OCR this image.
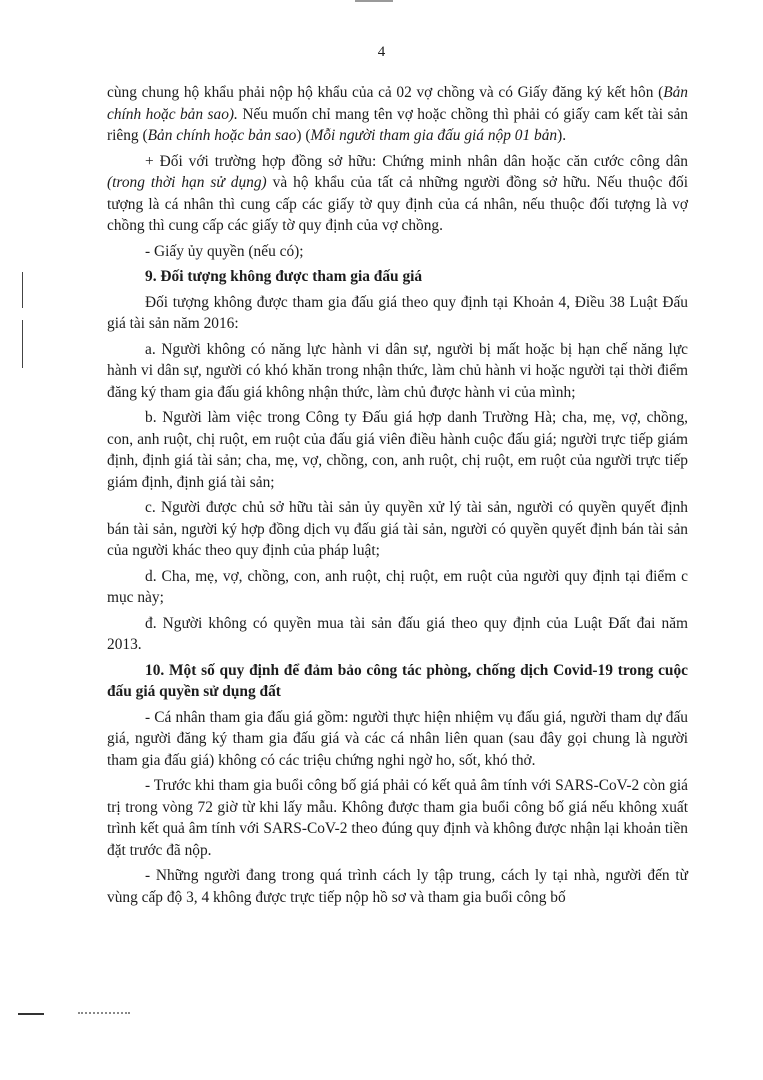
4

cùng chung hộ khẩu phải nộp hộ khẩu của cả 02 vợ chồng và có Giấy đăng ký kết hôn (Bản chính hoặc bản sao). Nếu muốn chỉ mang tên vợ hoặc chồng thì phải có giấy cam kết tài sản riêng (Bản chính hoặc bản sao) (Mỗi người tham gia đấu giá nộp 01 bản).

+ Đối với trường hợp đồng sở hữu: Chứng minh nhân dân hoặc căn cước công dân (trong thời hạn sử dụng) và hộ khẩu của tất cả những người đồng sở hữu. Nếu thuộc đối tượng là cá nhân thì cung cấp các giấy tờ quy định của cá nhân, nếu thuộc đối tượng là vợ chồng thì cung cấp các giấy tờ quy định của vợ chồng.

- Giấy ủy quyền (nếu có);

9. Đối tượng không được tham gia đấu giá

Đối tượng không được tham gia đấu giá theo quy định tại Khoản 4, Điều 38 Luật Đấu giá tài sản năm 2016:

a. Người không có năng lực hành vi dân sự, người bị mất hoặc bị hạn chế năng lực hành vi dân sự, người có khó khăn trong nhận thức, làm chủ hành vi hoặc người tại thời điểm đăng ký tham gia đấu giá không nhận thức, làm chủ được hành vi của mình;

b. Người làm việc trong Công ty Đấu giá hợp danh Trường Hà; cha, mẹ, vợ, chồng, con, anh ruột, chị ruột, em ruột của đấu giá viên điều hành cuộc đấu giá; người trực tiếp giám định, định giá tài sản; cha, mẹ, vợ, chồng, con, anh ruột, chị ruột, em ruột của người trực tiếp giám định, định giá tài sản;

c. Người được chủ sở hữu tài sản ủy quyền xử lý tài sản, người có quyền quyết định bán tài sản, người ký hợp đồng dịch vụ đấu giá tài sản, người có quyền quyết định bán tài sản của người khác theo quy định của pháp luật;

d. Cha, mẹ, vợ, chồng, con, anh ruột, chị ruột, em ruột của người quy định tại điểm c mục này;

đ. Người không có quyền mua tài sản đấu giá theo quy định của Luật Đất đai năm 2013.

10. Một số quy định để đảm bảo công tác phòng, chống dịch Covid-19 trong cuộc đấu giá quyền sử dụng đất

- Cá nhân tham gia đấu giá gồm: người thực hiện nhiệm vụ đấu giá, người tham dự đấu giá, người đăng ký tham gia đấu giá và các cá nhân liên quan (sau đây gọi chung là người tham gia đấu giá) không có các triệu chứng nghi ngờ ho, sốt, khó thở.

- Trước khi tham gia buổi công bố giá phải có kết quả âm tính với SARS-CoV-2 còn giá trị trong vòng 72 giờ từ khi lấy mẫu. Không được tham gia buổi công bố giá nếu không xuất trình kết quả âm tính với SARS-CoV-2 theo đúng quy định và không được nhận lại khoản tiền đặt trước đã nộp.

- Những người đang trong quá trình cách ly tập trung, cách ly tại nhà, người đến từ vùng cấp độ 3, 4 không được trực tiếp nộp hồ sơ và tham gia buổi công bố
